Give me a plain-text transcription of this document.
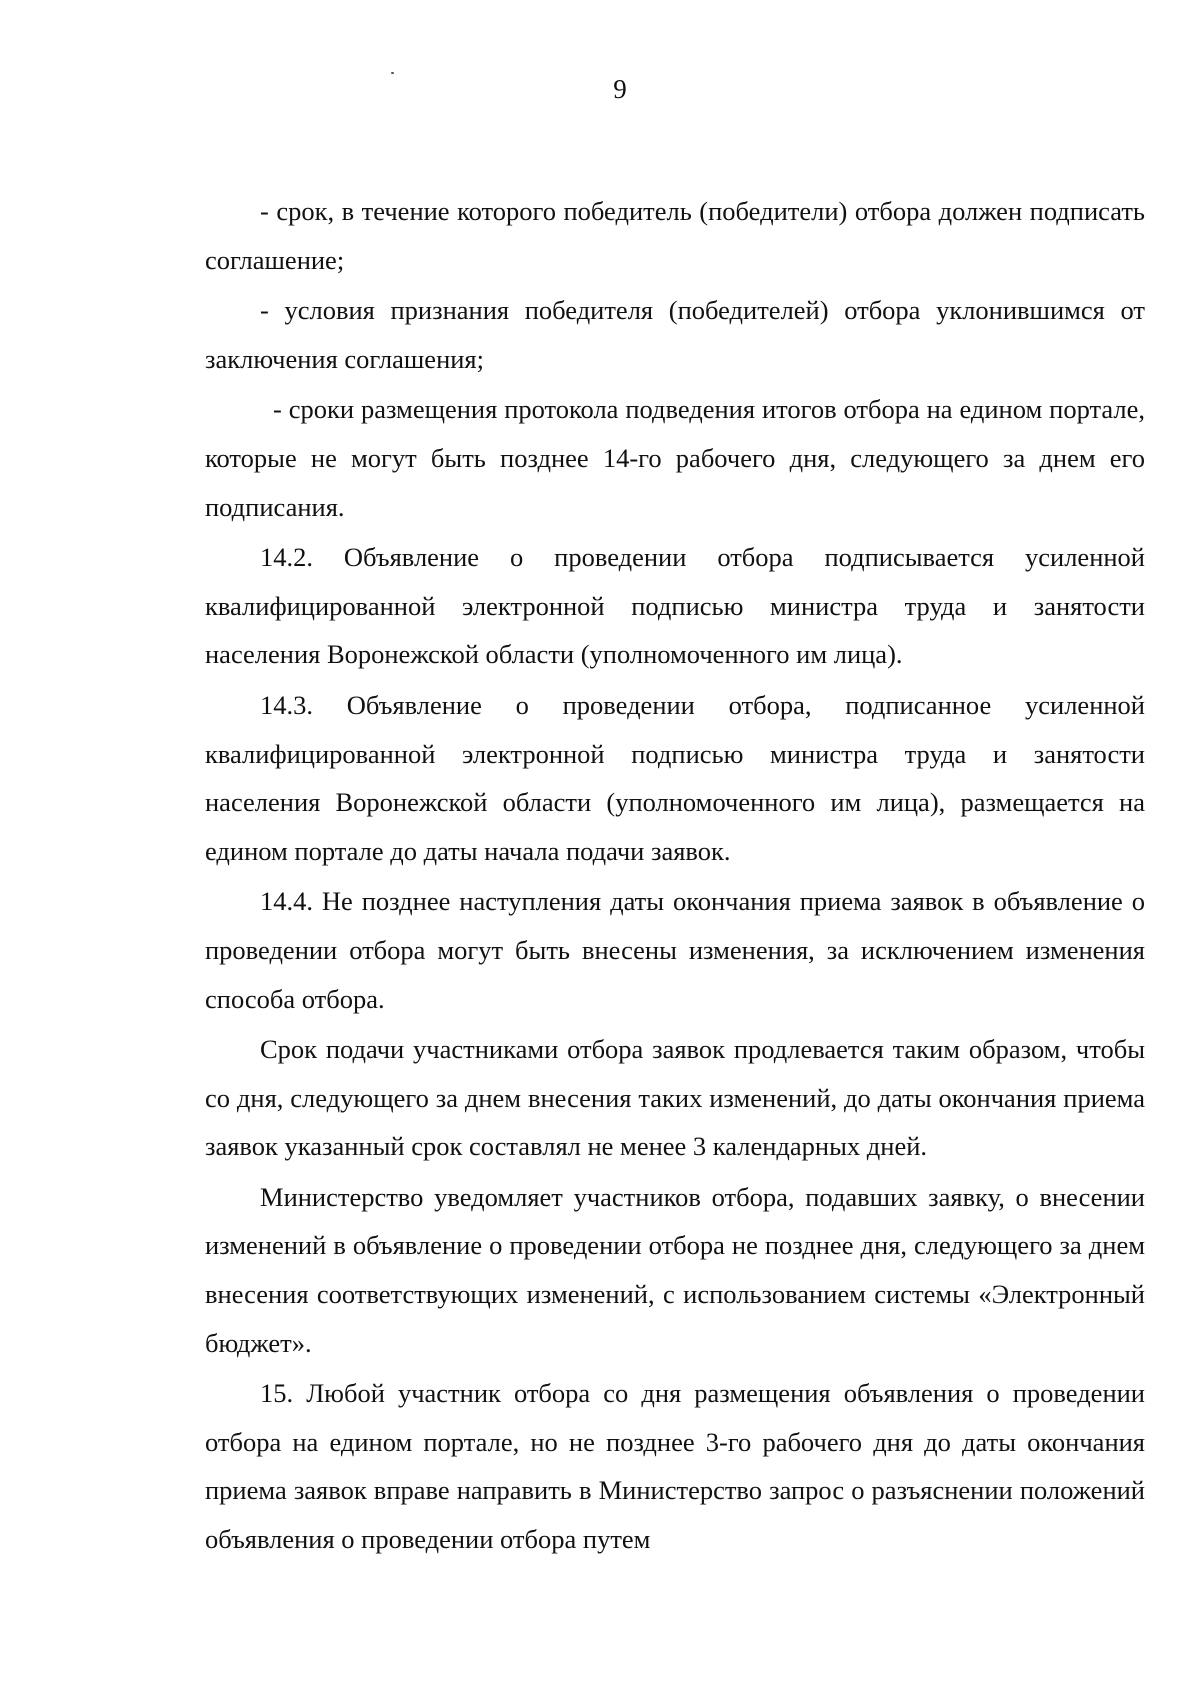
9

- срок, в течение которого победитель (победители) отбора должен подписать соглашение;

- условия признания победителя (победителей) отбора уклонившимся от заключения соглашения;

- сроки размещения протокола подведения итогов отбора на едином портале, которые не могут быть позднее 14-го рабочего дня, следующего за днем его подписания.

14.2. Объявление о проведении отбора подписывается усиленной квалифицированной электронной подписью министра труда и занятости населения Воронежской области (уполномоченного им лица).

14.3. Объявление о проведении отбора, подписанное усиленной квалифицированной электронной подписью министра труда и занятости населения Воронежской области (уполномоченного им лица), размещается на едином портале до даты начала подачи заявок.

14.4. Не позднее наступления даты окончания приема заявок в объявление о проведении отбора могут быть внесены изменения, за исключением изменения способа отбора.

Срок подачи участниками отбора заявок продлевается таким образом, чтобы со дня, следующего за днем внесения таких изменений, до даты окончания приема заявок указанный срок составлял не менее 3 календарных дней.

Министерство уведомляет участников отбора, подавших заявку, о внесении изменений в объявление о проведении отбора не позднее дня, следующего за днем внесения соответствующих изменений, с использованием системы «Электронный бюджет».

15. Любой участник отбора со дня размещения объявления о проведении отбора на едином портале, но не позднее 3-го рабочего дня до даты окончания приема заявок вправе направить в Министерство запрос о разъяснении положений объявления о проведении отбора путем
